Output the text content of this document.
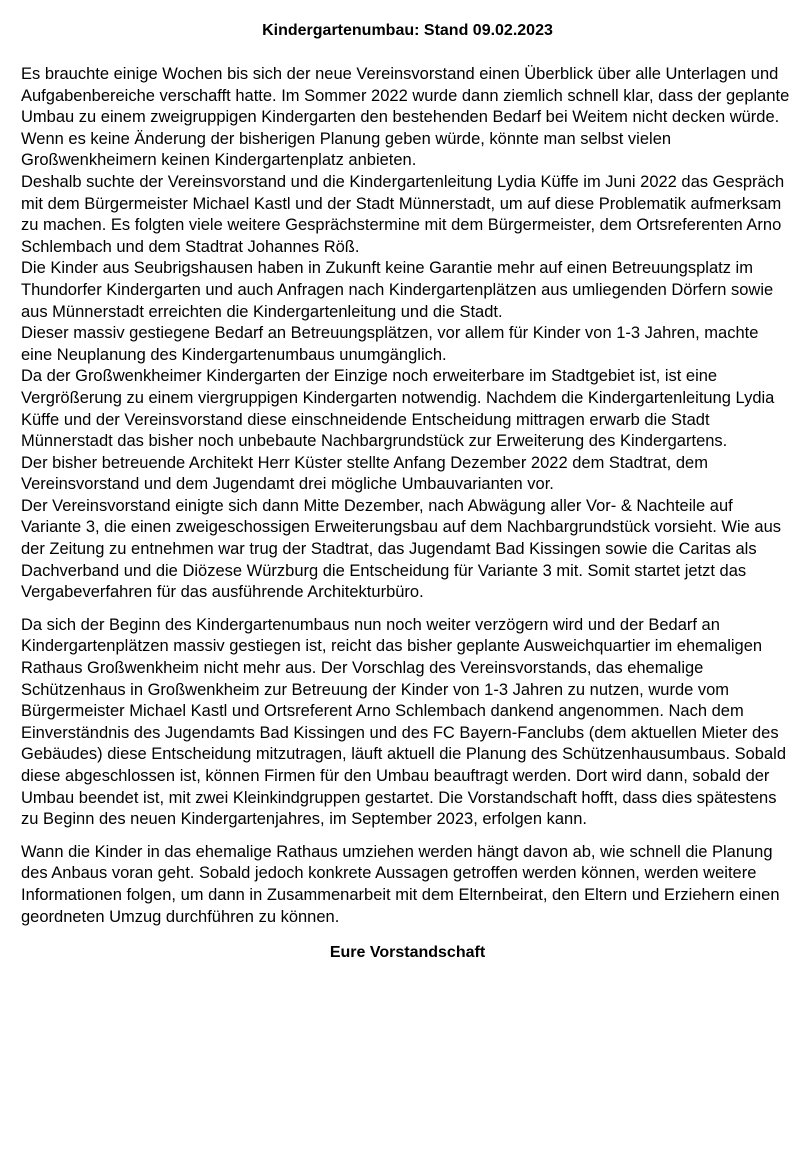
Kindergartenumbau: Stand 09.02.2023

Es brauchte einige Wochen bis sich der neue Vereinsvorstand einen Überblick über alle Unterlagen und Aufgabenbereiche verschafft hatte. Im Sommer 2022 wurde dann ziemlich schnell klar, dass der geplante Umbau zu einem zweigruppigen Kindergarten den bestehenden Bedarf bei Weitem nicht decken würde. Wenn es keine Änderung der bisherigen Planung geben würde, könnte man selbst vielen Großwenkheimern keinen Kindergartenplatz anbieten.

Deshalb suchte der Vereinsvorstand und die Kindergartenleitung Lydia Küffe im Juni 2022 das Gespräch mit dem Bürgermeister Michael Kastl und der Stadt Münnerstadt, um auf diese Problematik aufmerksam zu machen. Es folgten viele weitere Gesprächstermine mit dem Bürgermeister, dem Ortsreferenten Arno Schlembach und dem Stadtrat Johannes Röß.

Die Kinder aus Seubrigshausen haben in Zukunft keine Garantie mehr auf einen Betreuungsplatz im Thundorfer Kindergarten und auch Anfragen nach Kindergartenplätzen aus umliegenden Dörfern sowie aus Münnerstadt erreichten die Kindergartenleitung und die Stadt.

Dieser massiv gestiegene Bedarf an Betreuungsplätzen, vor allem für Kinder von 1-3 Jahren, machte eine Neuplanung des Kindergartenumbaus unumgänglich.

Da der Großwenkheimer Kindergarten der Einzige noch erweiterbare im Stadtgebiet ist, ist eine Vergrößerung zu einem viergruppigen Kindergarten notwendig. Nachdem die Kindergartenleitung Lydia Küffe und der Vereinsvorstand diese einschneidende Entscheidung mittragen erwarb die Stadt Münnerstadt das bisher noch unbebaute Nachbargrundstück zur Erweiterung des Kindergartens.

Der bisher betreuende Architekt Herr Küster stellte Anfang Dezember 2022 dem Stadtrat, dem Vereinsvorstand und dem Jugendamt drei mögliche Umbauvarianten vor.

Der Vereinsvorstand einigte sich dann Mitte Dezember, nach Abwägung aller Vor- & Nachteile auf Variante 3, die einen zweigeschossigen Erweiterungsbau auf dem Nachbargrundstück vorsieht. Wie aus der Zeitung zu entnehmen war trug der Stadtrat, das Jugendamt Bad Kissingen sowie die Caritas als Dachverband und die Diözese Würzburg die Entscheidung für Variante 3 mit. Somit startet jetzt das Vergabeverfahren für das ausführende Architekturbüro.

Da sich der Beginn des Kindergartenumbaus nun noch weiter verzögern wird und der Bedarf an Kindergartenplätzen massiv gestiegen ist, reicht das bisher geplante Ausweichquartier im ehemaligen Rathaus Großwenkheim nicht mehr aus. Der Vorschlag des Vereinsvorstands, das ehemalige Schützenhaus in Großwenkheim zur Betreuung der Kinder von 1-3 Jahren zu nutzen, wurde vom Bürgermeister Michael Kastl und Ortsreferent Arno Schlembach dankend angenommen. Nach dem Einverständnis des Jugendamts Bad Kissingen und des FC Bayern-Fanclubs (dem aktuellen Mieter des Gebäudes) diese Entscheidung mitzutragen, läuft aktuell die Planung des Schützenhausumbaus. Sobald diese abgeschlossen ist, können Firmen für den Umbau beauftragt werden. Dort wird dann, sobald der Umbau beendet ist, mit zwei Kleinkindgruppen gestartet. Die Vorstandschaft hofft, dass dies spätestens zu Beginn des neuen Kindergartenjahres, im September 2023, erfolgen kann.

Wann die Kinder in das ehemalige Rathaus umziehen werden hängt davon ab, wie schnell die Planung des Anbaus voran geht. Sobald jedoch konkrete Aussagen getroffen werden können, werden weitere Informationen folgen, um dann in Zusammenarbeit mit dem Elternbeirat, den Eltern und Erziehern einen geordneten Umzug durchführen zu können.

Eure Vorstandschaft
